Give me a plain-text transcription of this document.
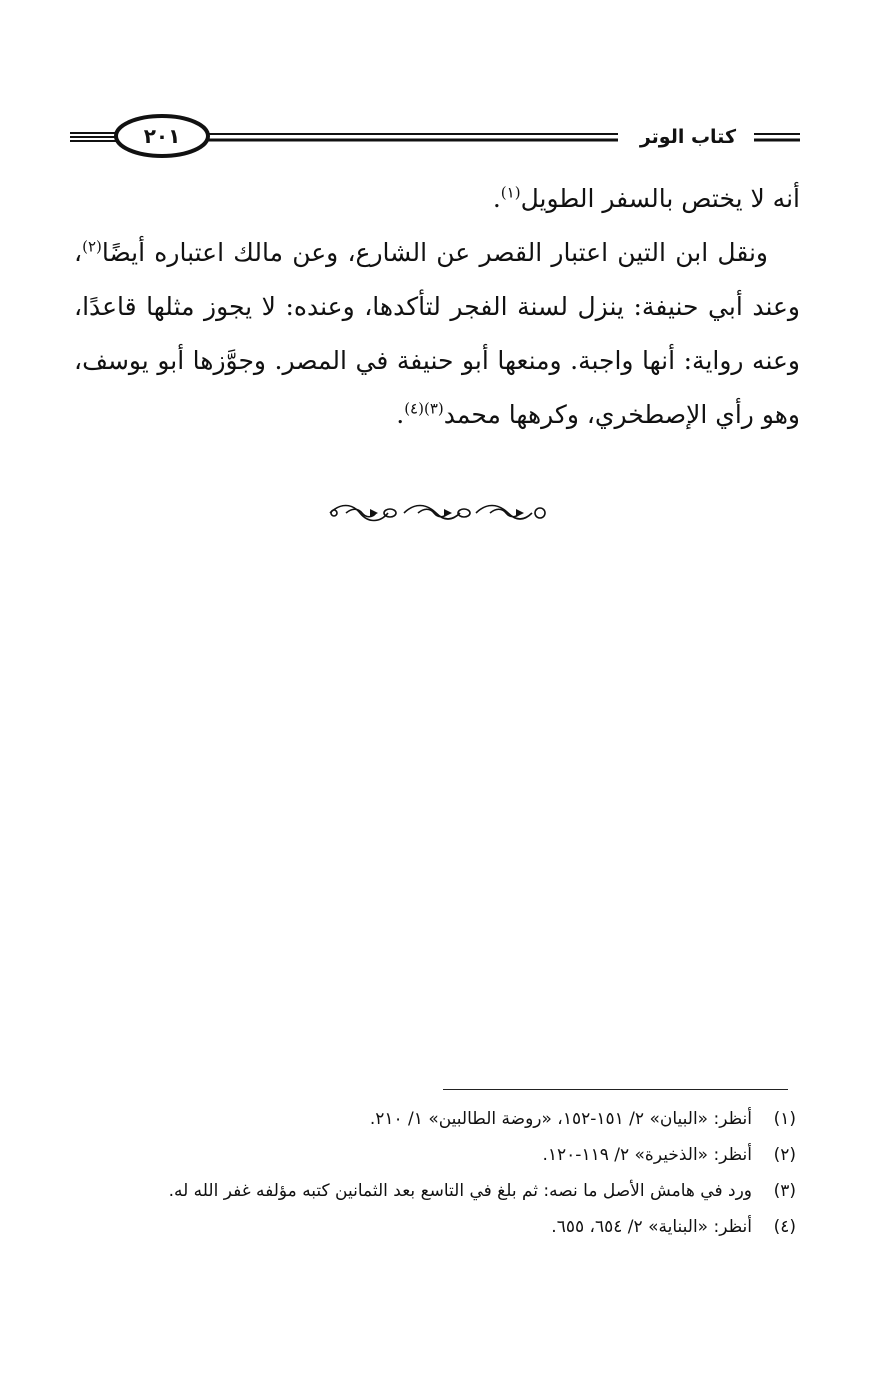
٢٠١	كتاب الوتر

أنه لا يختص بالسفر الطويل$^{(١)}$.

ونقل ابن التين اعتبار القصر عن الشارع، وعن مالك اعتباره أيضًا$^{(٢)}$، وعند أبي حنيفة: ينزل لسنة الفجر لتأكدها، وعنده: لا يجوز مثلها قاعدًا، وعنه رواية: أنها واجبة. ومنعها أبو حنيفة في المصر. وجوَّزها أبو يوسف، وهو رأي الإصطخري، وكرهها محمد$^{(٣)(٤)}$.

(١)
أنظر: «البيان» ٢/ ١٥١-١٥٢، «روضة الطالبين» ١/ ٢١٠.
(٢)
أنظر: «الذخيرة» ٢/ ١١٩-١٢٠.
(٣)
ورد في هامش الأصل ما نصه: ثم بلغ في التاسع بعد الثمانين كتبه مؤلفه غفر الله له.
(٤)
أنظر: «البناية» ٢/ ٦٥٤، ٦٥٥.
